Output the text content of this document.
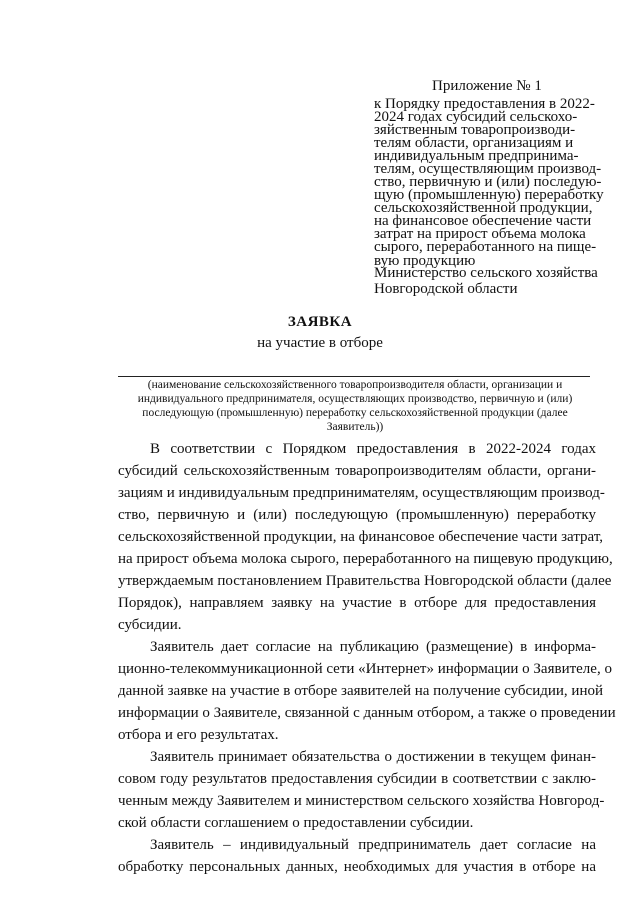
Приложение № 1
к Порядку предоставления в 2022-
2024 годах субсидий сельскохо-
зяйственным товаропроизводи-
телям области, организациям и
индивидуальным предпринима-
телям, осуществляющим производ-
ство, первичную и (или) последую-
щую (промышленную) переработку
сельскохозяйственной продукции,
на финансовое обеспечение части
затрат на прирост объема молока
сырого, переработанного на пище-
вую продукцию
Министерство сельского хозяйства
Новгородской области
ЗАЯВКА
на участие в отборе
(наименование сельскохозяйственного товаропроизводителя области, организации и
индивидуального предпринимателя, осуществляющих производство, первичную и (или)
последующую (промышленную) переработку сельскохозяйственной продукции (далее
Заявитель))

В соответствии с Порядком предоставления в 2022-2024 годах
субсидий сельскохозяйственным товаропроизводителям области, органи-
зациям и индивидуальным предпринимателям, осуществляющим производ-
ство, первичную и (или) последующую (промышленную) переработку
сельскохозяйственной продукции, на финансовое обеспечение части затрат,
на прирост объема молока сырого, переработанного на пищевую продукцию,
утверждаемым постановлением Правительства Новгородской области (далее
Порядок), направляем заявку на участие в отборе для предоставления
субсидии.

Заявитель дает согласие на публикацию (размещение) в информа-
ционно-телекоммуникационной сети «Интернет» информации о Заявителе, о
данной заявке на участие в отборе заявителей на получение субсидии, иной
информации о Заявителе, связанной с данным отбором, а также о проведении
отбора и его результатах.

Заявитель принимает обязательства о достижении в текущем финан-
совом году результатов предоставления субсидии в соответствии с заклю-
ченным между Заявителем и министерством сельского хозяйства Новгород-
ской области соглашением о предоставлении субсидии.

Заявитель – индивидуальный предприниматель дает согласие на
обработку персональных данных, необходимых для участия в отборе на
